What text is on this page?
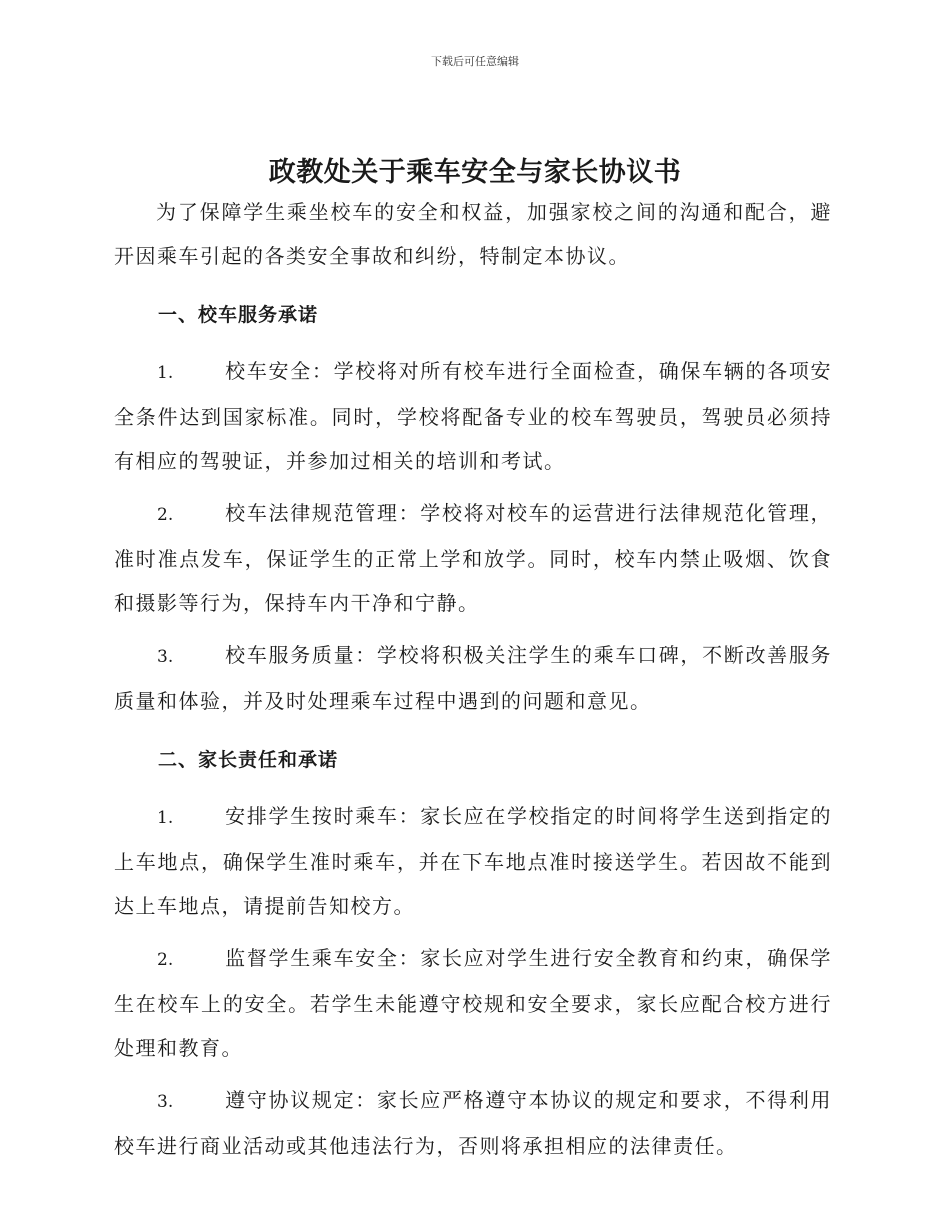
下载后可任意编辑
政教处关于乘车安全与家长协议书

为了保障学生乘坐校车的安全和权益，加强家校之间的沟通和配合，避开因乘车引起的各类安全事故和纠纷，特制定本协议。

一、校车服务承诺

1.	校车安全：学校将对所有校车进行全面检查，确保车辆的各项安全条件达到国家标准。同时，学校将配备专业的校车驾驶员，驾驶员必须持有相应的驾驶证，并参加过相关的培训和考试。

2.	校车法律规范管理：学校将对校车的运营进行法律规范化管理，准时准点发车，保证学生的正常上学和放学。同时，校车内禁止吸烟、饮食和摄影等行为，保持车内干净和宁静。

3.	校车服务质量：学校将积极关注学生的乘车口碑，不断改善服务质量和体验，并及时处理乘车过程中遇到的问题和意见。

二、家长责任和承诺

1.	安排学生按时乘车：家长应在学校指定的时间将学生送到指定的上车地点，确保学生准时乘车，并在下车地点准时接送学生。若因故不能到达上车地点，请提前告知校方。

2.	监督学生乘车安全：家长应对学生进行安全教育和约束，确保学生在校车上的安全。若学生未能遵守校规和安全要求，家长应配合校方进行处理和教育。

3.	遵守协议规定：家长应严格遵守本协议的规定和要求，不得利用校车进行商业活动或其他违法行为，否则将承担相应的法律责任。
